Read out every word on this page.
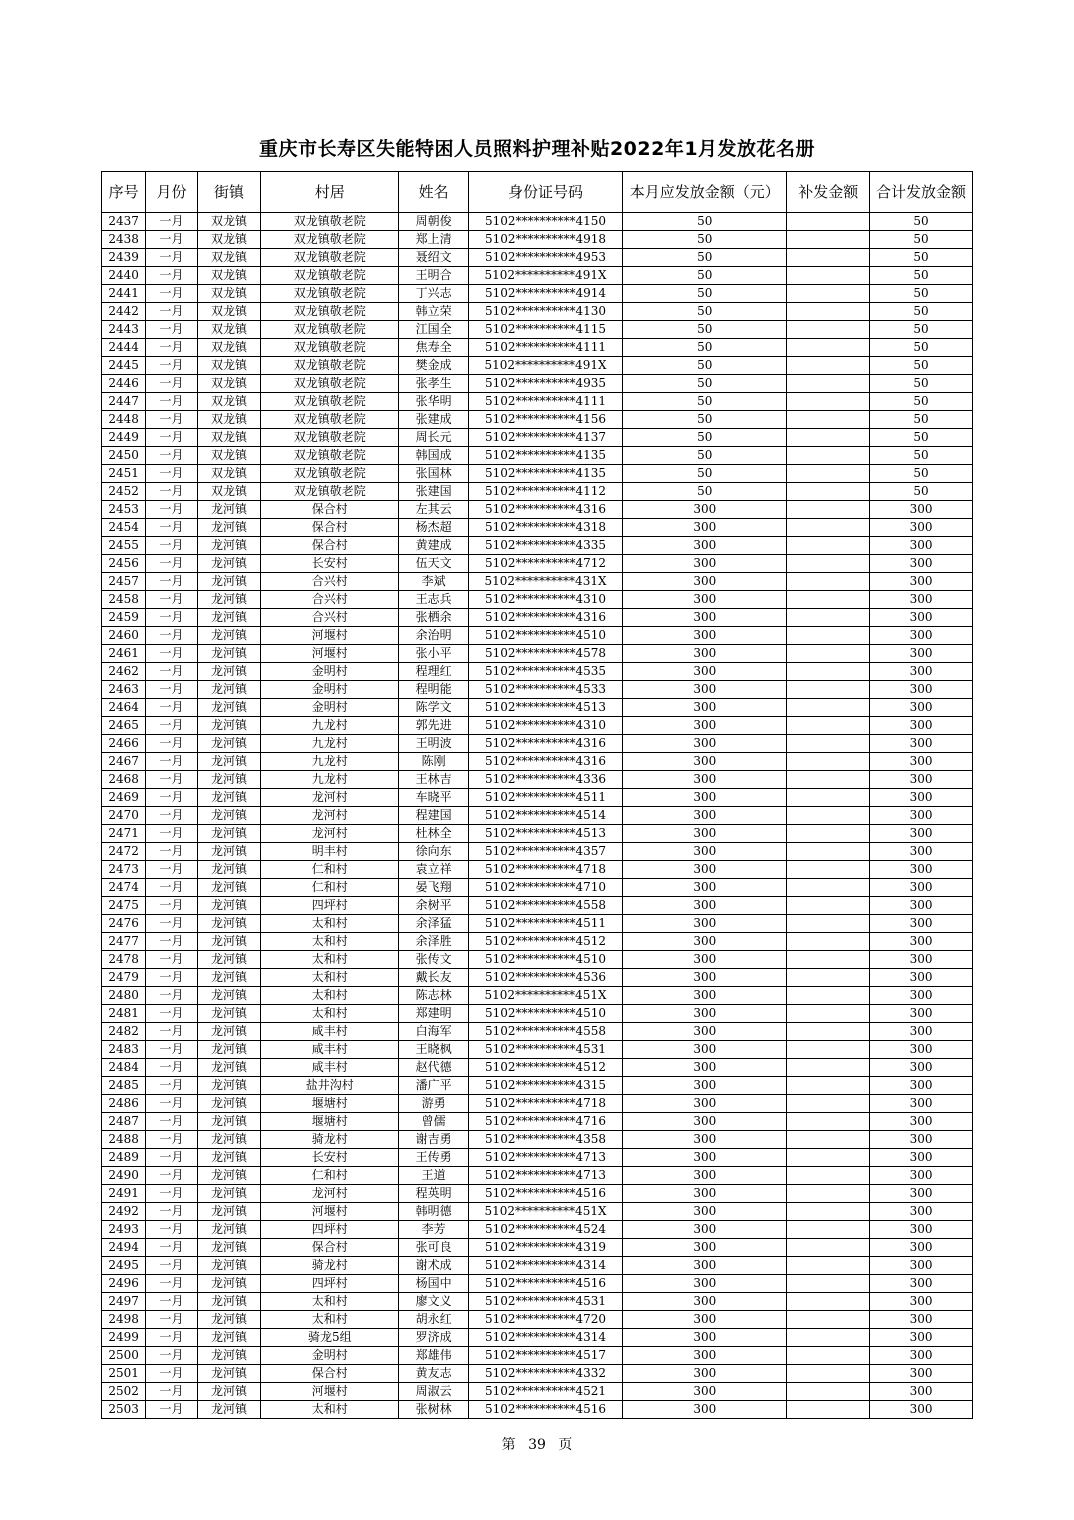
重庆市长寿区失能特困人员照料护理补贴2022年1月发放花名册
序号	月份	街镇	村居	姓名	身份证号码	本月应发放金额（元）	补发金额	合计发放金额
2437	一月	双龙镇	双龙镇敬老院	周朝俊	5102**********4150	50		50
2438	一月	双龙镇	双龙镇敬老院	郑上清	5102**********4918	50		50
2439	一月	双龙镇	双龙镇敬老院	聂绍文	5102**********4953	50		50
2440	一月	双龙镇	双龙镇敬老院	王明合	5102**********491X	50		50
2441	一月	双龙镇	双龙镇敬老院	丁兴志	5102**********4914	50		50
2442	一月	双龙镇	双龙镇敬老院	韩立荣	5102**********4130	50		50
2443	一月	双龙镇	双龙镇敬老院	江国全	5102**********4115	50		50
2444	一月	双龙镇	双龙镇敬老院	焦寿全	5102**********4111	50		50
2445	一月	双龙镇	双龙镇敬老院	樊金成	5102**********491X	50		50
2446	一月	双龙镇	双龙镇敬老院	张孝生	5102**********4935	50		50
2447	一月	双龙镇	双龙镇敬老院	张华明	5102**********4111	50		50
2448	一月	双龙镇	双龙镇敬老院	张建成	5102**********4156	50		50
2449	一月	双龙镇	双龙镇敬老院	周长元	5102**********4137	50		50
2450	一月	双龙镇	双龙镇敬老院	韩国成	5102**********4135	50		50
2451	一月	双龙镇	双龙镇敬老院	张国林	5102**********4135	50		50
2452	一月	双龙镇	双龙镇敬老院	张建国	5102**********4112	50		50
2453	一月	龙河镇	保合村	左其云	5102**********4316	300		300
2454	一月	龙河镇	保合村	杨杰超	5102**********4318	300		300
2455	一月	龙河镇	保合村	黄建成	5102**********4335	300		300
2456	一月	龙河镇	长安村	伍天文	5102**********4712	300		300
2457	一月	龙河镇	合兴村	李斌	5102**********431X	300		300
2458	一月	龙河镇	合兴村	王志兵	5102**********4310	300		300
2459	一月	龙河镇	合兴村	张栖余	5102**********4316	300		300
2460	一月	龙河镇	河堰村	余治明	5102**********4510	300		300
2461	一月	龙河镇	河堰村	张小平	5102**********4578	300		300
2462	一月	龙河镇	金明村	程理红	5102**********4535	300		300
2463	一月	龙河镇	金明村	程明能	5102**********4533	300		300
2464	一月	龙河镇	金明村	陈学文	5102**********4513	300		300
2465	一月	龙河镇	九龙村	郭先进	5102**********4310	300		300
2466	一月	龙河镇	九龙村	王明波	5102**********4316	300		300
2467	一月	龙河镇	九龙村	陈刚	5102**********4316	300		300
2468	一月	龙河镇	九龙村	王林吉	5102**********4336	300		300
2469	一月	龙河镇	龙河村	车晓平	5102**********4511	300		300
2470	一月	龙河镇	龙河村	程建国	5102**********4514	300		300
2471	一月	龙河镇	龙河村	杜林全	5102**********4513	300		300
2472	一月	龙河镇	明丰村	徐向东	5102**********4357	300		300
2473	一月	龙河镇	仁和村	袁立祥	5102**********4718	300		300
2474	一月	龙河镇	仁和村	晏飞翔	5102**********4710	300		300
2475	一月	龙河镇	四坪村	余树平	5102**********4558	300		300
2476	一月	龙河镇	太和村	余泽猛	5102**********4511	300		300
2477	一月	龙河镇	太和村	余泽胜	5102**********4512	300		300
2478	一月	龙河镇	太和村	张传文	5102**********4510	300		300
2479	一月	龙河镇	太和村	戴长友	5102**********4536	300		300
2480	一月	龙河镇	太和村	陈志林	5102**********451X	300		300
2481	一月	龙河镇	太和村	郑建明	5102**********4510	300		300
2482	一月	龙河镇	咸丰村	白海军	5102**********4558	300		300
2483	一月	龙河镇	咸丰村	王晓枫	5102**********4531	300		300
2484	一月	龙河镇	咸丰村	赵代德	5102**********4512	300		300
2485	一月	龙河镇	盐井沟村	潘广平	5102**********4315	300		300
2486	一月	龙河镇	堰塘村	游勇	5102**********4718	300		300
2487	一月	龙河镇	堰塘村	曾儒	5102**********4716	300		300
2488	一月	龙河镇	骑龙村	谢吉勇	5102**********4358	300		300
2489	一月	龙河镇	长安村	王传勇	5102**********4713	300		300
2490	一月	龙河镇	仁和村	王道	5102**********4713	300		300
2491	一月	龙河镇	龙河村	程英明	5102**********4516	300		300
2492	一月	龙河镇	河堰村	韩明德	5102**********451X	300		300
2493	一月	龙河镇	四坪村	李芳	5102**********4524	300		300
2494	一月	龙河镇	保合村	张可良	5102**********4319	300		300
2495	一月	龙河镇	骑龙村	谢术成	5102**********4314	300		300
2496	一月	龙河镇	四坪村	杨国中	5102**********4516	300		300
2497	一月	龙河镇	太和村	廖文义	5102**********4531	300		300
2498	一月	龙河镇	太和村	胡永红	5102**********4720	300		300
2499	一月	龙河镇	骑龙5组	罗济成	5102**********4314	300		300
2500	一月	龙河镇	金明村	郑雄伟	5102**********4517	300		300
2501	一月	龙河镇	保合村	黄友志	5102**********4332	300		300
2502	一月	龙河镇	河堰村	周淑云	5102**********4521	300		300
2503	一月	龙河镇	太和村	张树林	5102**********4516	300		300
第 39 页
